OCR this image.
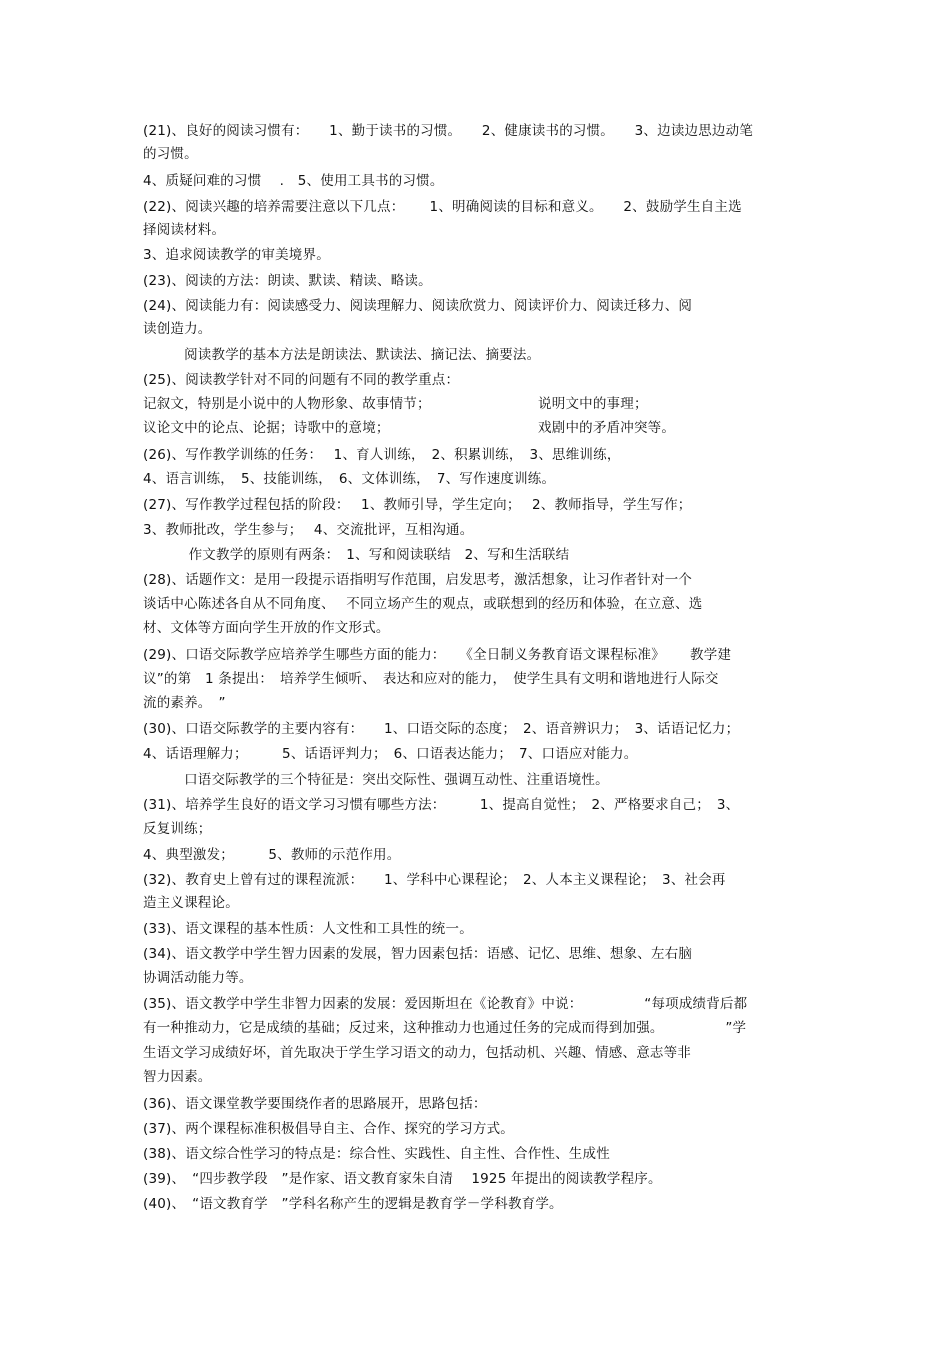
(21)、良好的阅读习惯有：　　1、勤于读书的习惯。　　2、健康读书的习惯。　　3、边读边思边动笔
的习惯。
4、质疑问难的习惯　 .　5、使用工具书的习惯。
(22)、阅读兴趣的培养需要注意以下几点：　　 1、明确阅读的目标和意义。　　2、鼓励学生自主选
择阅读材料。
3、追求阅读教学的审美境界。
(23)、阅读的方法：朗读、默读、精读、略读。
(24)、阅读能力有：阅读感受力、阅读理解力、阅读欣赏力、阅读评价力、阅读迁移力、阅
读创造力。
　　　阅读教学的基本方法是朗读法、默读法、摘记法、摘要法。
(25)、阅读教学针对不同的问题有不同的教学重点：
记叙文，特别是小说中的人物形象、故事情节；　　　　　　　　 说明文中的事理；
议论文中的论点、论据；诗歌中的意境；　　　　　　　　　　　 戏剧中的矛盾冲突等。
(26)、写作教学训练的任务：　 1、育人训练，　2、积累训练，　3、思维训练，
4、语言训练，　5、技能训练，　6、文体训练，　7、写作速度训练。
(27)、写作教学过程包括的阶段：　 1、教师引导，学生定向；　 2、教师指导，学生写作；
3、教师批改，学生参与；　 4、交流批评，互相沟通。
　　　 作文教学的原则有两条：　1、写和阅读联结　2、写和生活联结
(28)、话题作文：是用一段提示语指明写作范围，启发思考，激活想象，让习作者针对一个
谈话中心陈述各自从不同角度、　 不同立场产生的观点，或联想到的经历和体验，在立意、选
材、文体等方面向学生开放的作文形式。
(29)、口语交际教学应培养学生哪些方面的能力：　　《全日制义务教育语文课程标准》　　 教学建
议”的第　1 条提出：　培养学生倾听、　表达和应对的能力，　使学生具有文明和谐地进行人际交
流的素养。　”
(30)、口语交际教学的主要内容有：　　1、口语交际的态度；　2、语音辨识力；　3、话语记忆力；
4、话语理解力；　　　5、话语评判力；　6、口语表达能力；　7、口语应对能力。
　　　口语交际教学的三个特征是：突出交际性、强调互动性、注重语境性。
(31)、培养学生良好的语文学习习惯有哪些方法：　　　1、提高自觉性；　2、严格要求自己；　3、
反复训练；
4、典型激发；　　　5、教师的示范作用。
(32)、教育史上曾有过的课程流派：　　1、学科中心课程论；　2、人本主义课程论；　3、社会再
造主义课程论。
(33)、语文课程的基本性质：人文性和工具性的统一。
(34)、语文教学中学生智力因素的发展，智力因素包括：语感、记忆、思维、想象、左右脑
协调活动能力等。
(35)、语文教学中学生非智力因素的发展：爱因斯坦在《论教育》中说：　　　　　“每项成绩背后都
有一种推动力，它是成绩的基础；反过来，这种推动力也通过任务的完成而得到加强。　　　　　”学
生语文学习成绩好坏，首先取决于学生学习语文的动力，包括动机、兴趣、情感、意志等非
智力因素。
(36)、语文课堂教学要围绕作者的思路展开，思路包括：
(37)、两个课程标准积极倡导自主、合作、探究的学习方式。
(38)、语文综合性学习的特点是：综合性、实践性、自主性、合作性、生成性
(39)、　“四步教学段　”是作家、语文教育家朱自清　 1925 年提出的阅读教学程序。
(40)、　“语文教育学　”学科名称产生的逻辑是教育学－学科教育学。
